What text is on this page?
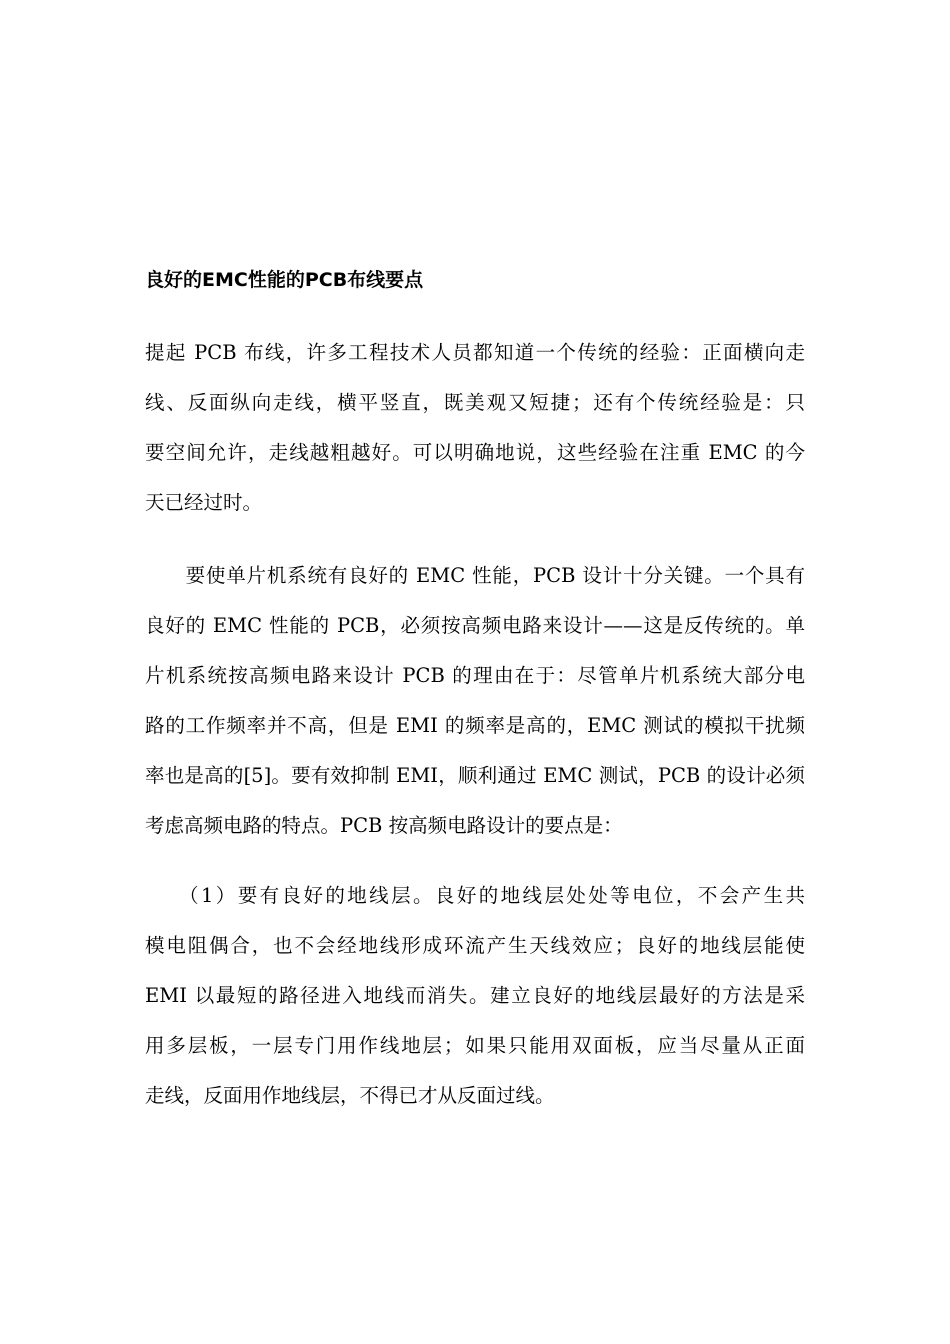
良好的EMC性能的PCB布线要点

提起 PCB 布线，许多工程技术人员都知道一个传统的经验：正面横向走
线、反面纵向走线，横平竖直，既美观又短捷；还有个传统经验是：只
要空间允许，走线越粗越好。可以明确地说，这些经验在注重 EMC 的今
天已经过时。

　　要使单片机系统有良好的 EMC 性能，PCB 设计十分关键。一个具有
良好的 EMC 性能的 PCB，必须按高频电路来设计——这是反传统的。单
片机系统按高频电路来设计 PCB 的理由在于：尽管单片机系统大部分电
路的工作频率并不高，但是 EMI 的频率是高的，EMC 测试的模拟干扰频
率也是高的[5]。要有效抑制 EMI，顺利通过 EMC 测试，PCB 的设计必须
考虑高频电路的特点。PCB 按高频电路设计的要点是：

　　（1）要有良好的地线层。良好的地线层处处等电位，不会产生共
模电阻偶合，也不会经地线形成环流产生天线效应；良好的地线层能使
EMI 以最短的路径进入地线而消失。建立良好的地线层最好的方法是采
用多层板，一层专门用作线地层；如果只能用双面板，应当尽量从正面
走线，反面用作地线层，不得已才从反面过线。
